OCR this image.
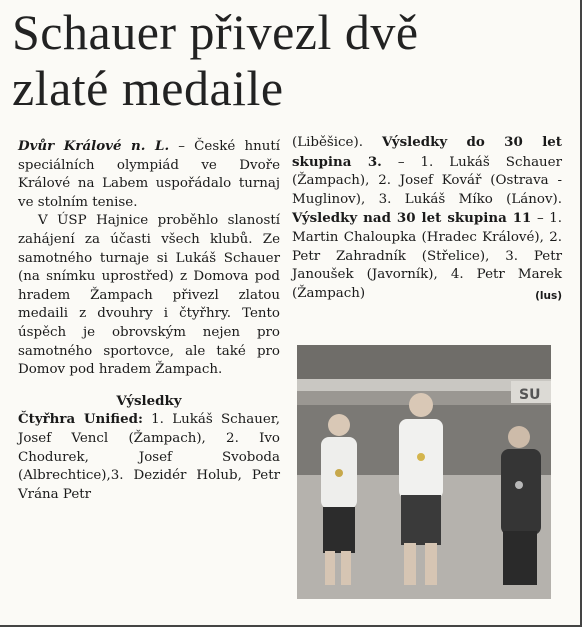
Schauer přivezl dvě
zlaté medaile

Dvůr Králové n. L. – České hnutí speciálních olympiád ve Dvoře Králové na Labem uspořádalo turnaj ve stolním tenise.

V ÚSP Hajnice proběhlo slaností zahájení za účasti všech klubů. Ze samotného turnaje si Lukáš Schauer (na snímku uprostřed) z Domova pod hradem Žampach přivezl zlatou medaili z dvouhry i čtyřhry. Tento úspěch je obrovským nejen pro samotného sportovce, ale také pro Domov pod hradem Žampach.

Výsledky

Čtyřhra Unified: 1. Lukáš Schauer, Josef Vencl (Žampach), 2. Ivo Chodurek, Josef Svoboda (Albrechtice),3. Dezidér Holub, Petr Vrána Petr

(Liběšice). Výsledky do 30 let skupina 3. – 1. Lukáš Schauer (Žampach), 2. Josef Kovář (Ostrava - Muglinov), 3. Lukáš Míko (Lánov). Výsledky nad 30 let skupina 11 – 1. Martin Chaloupka (Hradec Králové), 2. Petr Zahradník (Střelice), 3. Petr Janoušek (Javorník), 4. Petr Marek (Žampach)	(lus)

SU
